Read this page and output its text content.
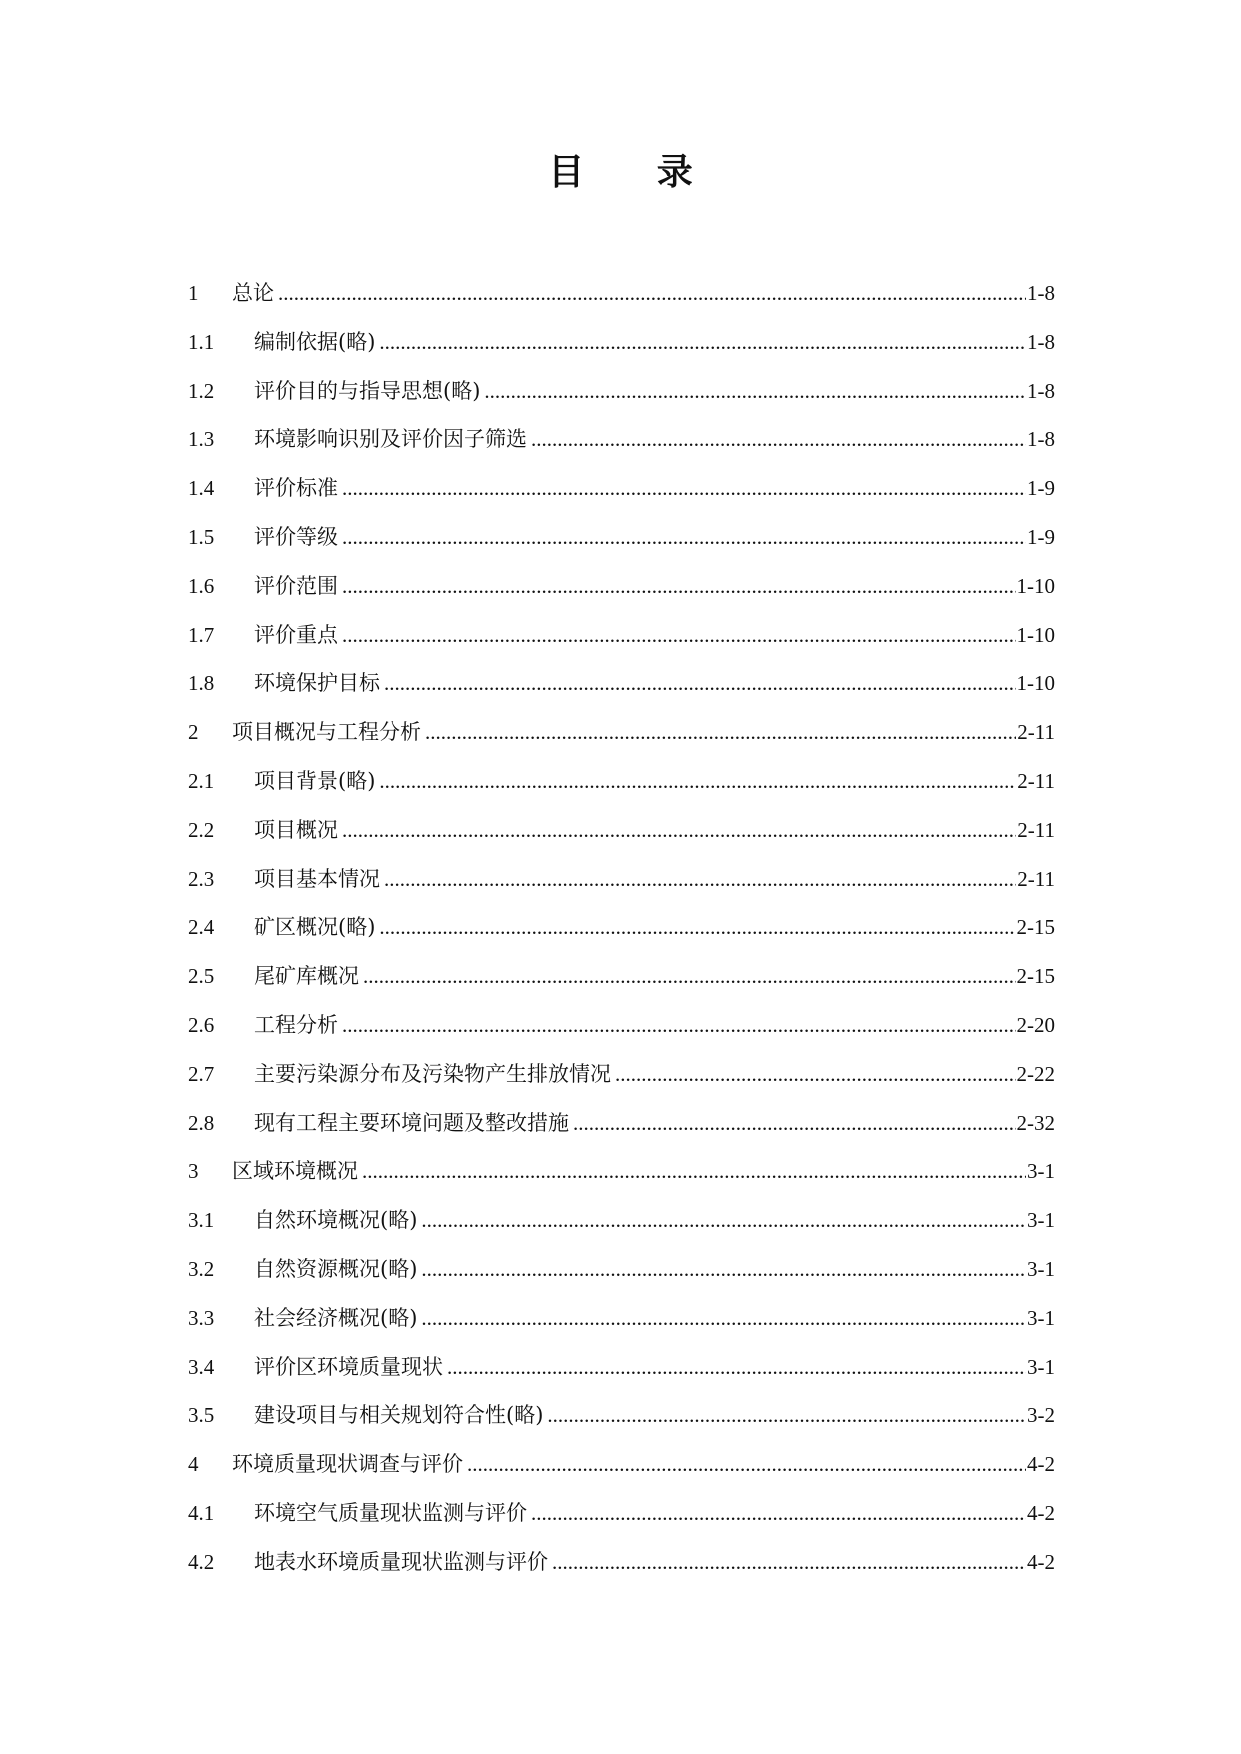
目 录
1	总论 .....	1-8
1.1	编制依据(略) .....	1-8
1.2	评价目的与指导思想(略) .....	1-8
1.3	环境影响识别及评价因子筛选 .....	1-8
1.4	评价标准 .....	1-9
1.5	评价等级 .....	1-9
1.6	评价范围 .....	1-10
1.7	评价重点 .....	1-10
1.8	环境保护目标 .....	1-10
2	项目概况与工程分析 .....	2-11
2.1	项目背景(略) .....	2-11
2.2	项目概况 .....	2-11
2.3	项目基本情况 .....	2-11
2.4	矿区概况(略) .....	2-15
2.5	尾矿库概况 .....	2-15
2.6	工程分析 .....	2-20
2.7	主要污染源分布及污染物产生排放情况 .....	2-22
2.8	现有工程主要环境问题及整改措施 .....	2-32
3	区域环境概况 .....	3-1
3.1	自然环境概况(略) .....	3-1
3.2	自然资源概况(略) .....	3-1
3.3	社会经济概况(略) .....	3-1
3.4	评价区环境质量现状 .....	3-1
3.5	建设项目与相关规划符合性(略) .....	3-2
4	环境质量现状调查与评价 .....	4-2
4.1	环境空气质量现状监测与评价 .....	4-2
4.2	地表水环境质量现状监测与评价 .....	4-2
